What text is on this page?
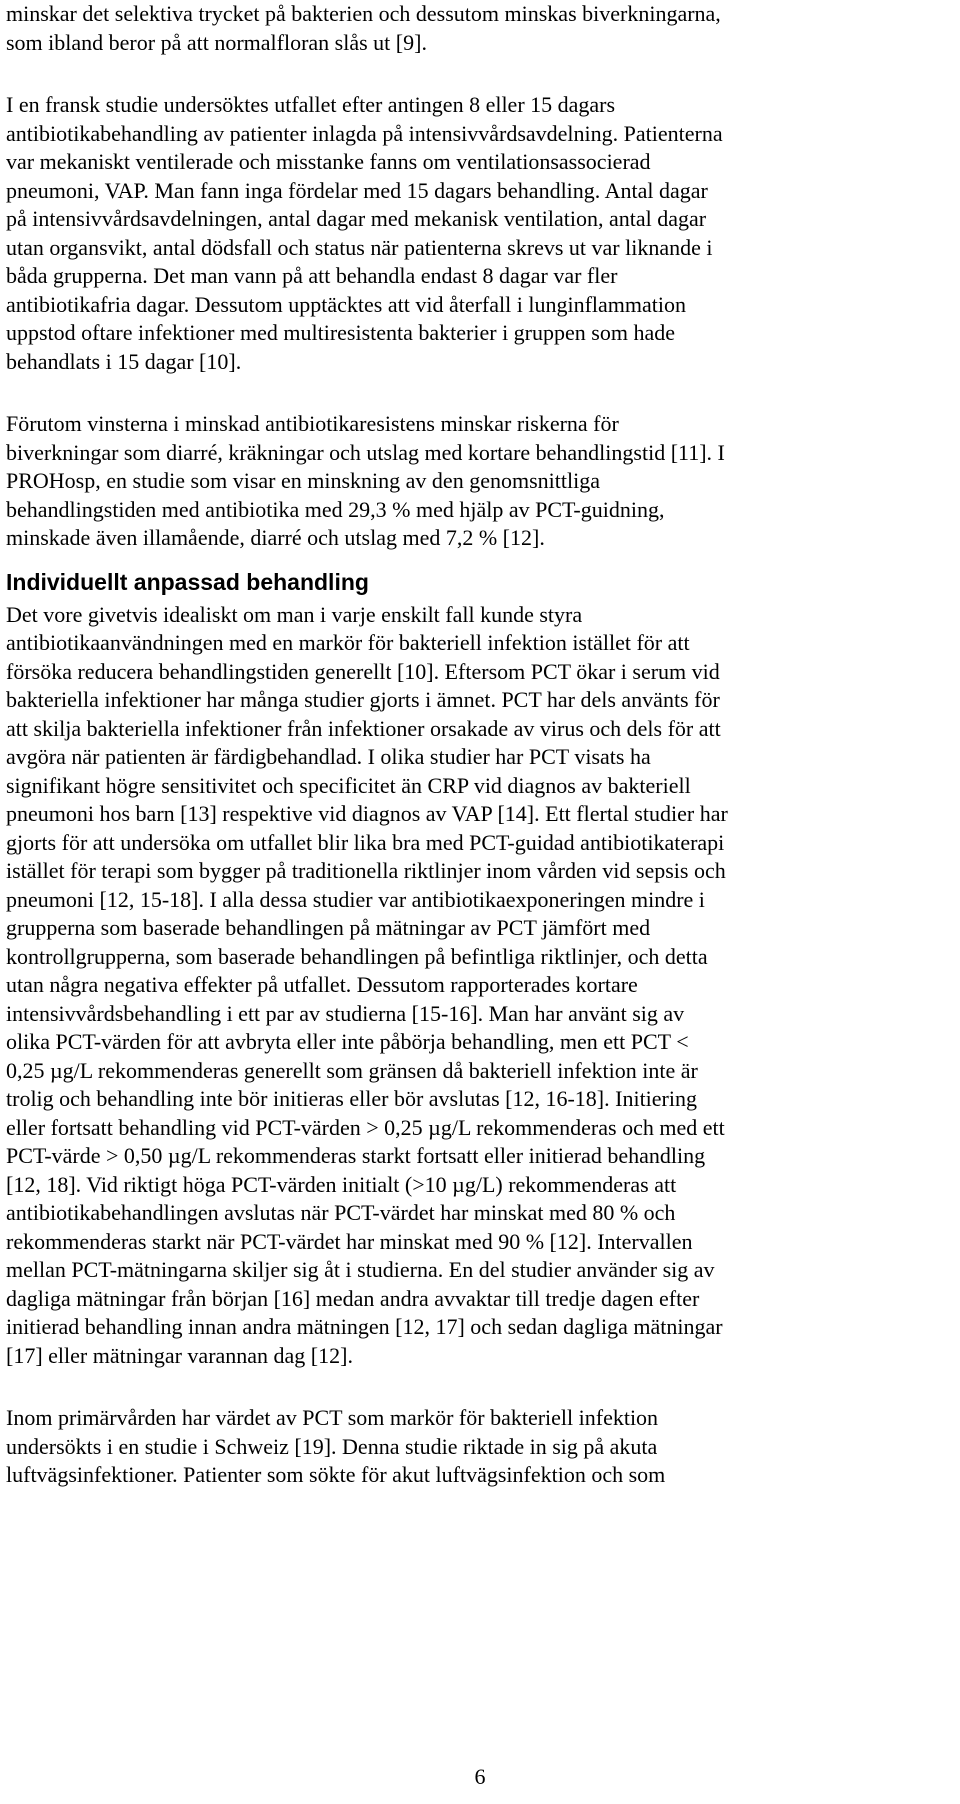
minskar det selektiva trycket på bakterien och dessutom minskas biverkningarna,
som ibland beror på att normalfloran slås ut [9].

I en fransk studie undersöktes utfallet efter antingen 8 eller 15 dagars
antibiotikabehandling av patienter inlagda på intensivvårdsavdelning. Patienterna
var mekaniskt ventilerade och misstanke fanns om ventilationsassocierad
pneumoni, VAP. Man fann inga fördelar med 15 dagars behandling. Antal dagar
på intensivvårdsavdelningen, antal dagar med mekanisk ventilation, antal dagar
utan organsvikt, antal dödsfall och status när patienterna skrevs ut var liknande i
båda grupperna. Det man vann på att behandla endast 8 dagar var fler
antibiotikafria dagar. Dessutom upptäcktes att vid återfall i lunginflammation
uppstod oftare infektioner med multiresistenta bakterier i gruppen som hade
behandlats i 15 dagar [10].

Förutom vinsterna i minskad antibiotikaresistens minskar riskerna för
biverkningar som diarré, kräkningar och utslag med kortare behandlingstid [11]. I
PROHosp, en studie som visar en minskning av den genomsnittliga
behandlingstiden med antibiotika med 29,3 % med hjälp av PCT-guidning,
minskade även illamående, diarré och utslag med 7,2 % [12].

Individuellt anpassad behandling

Det vore givetvis idealiskt om man i varje enskilt fall kunde styra
antibiotikaanvändningen med en markör för bakteriell infektion istället för att
försöka reducera behandlingstiden generellt [10]. Eftersom PCT ökar i serum vid
bakteriella infektioner har många studier gjorts i ämnet. PCT har dels använts för
att skilja bakteriella infektioner från infektioner orsakade av virus och dels för att
avgöra när patienten är färdigbehandlad. I olika studier har PCT visats ha
signifikant högre sensitivitet och specificitet än CRP vid diagnos av bakteriell
pneumoni hos barn [13] respektive vid diagnos av VAP [14]. Ett flertal studier har
gjorts för att undersöka om utfallet blir lika bra med PCT-guidad antibiotikaterapi
istället för terapi som bygger på traditionella riktlinjer inom vården vid sepsis och
pneumoni [12, 15-18]. I alla dessa studier var antibiotikaexponeringen mindre i
grupperna som baserade behandlingen på mätningar av PCT jämfört med
kontrollgrupperna, som baserade behandlingen på befintliga riktlinjer, och detta
utan några negativa effekter på utfallet. Dessutom rapporterades kortare
intensivvårdsbehandling i ett par av studierna [15-16]. Man har använt sig av
olika PCT-värden för att avbryta eller inte påbörja behandling, men ett PCT <
0,25 µg/L rekommenderas generellt som gränsen då bakteriell infektion inte är
trolig och behandling inte bör initieras eller bör avslutas [12, 16-18]. Initiering
eller fortsatt behandling vid PCT-värden > 0,25 µg/L rekommenderas och med ett
PCT-värde > 0,50 µg/L rekommenderas starkt fortsatt eller initierad behandling
[12, 18]. Vid riktigt höga PCT-värden initialt (>10 µg/L) rekommenderas att
antibiotikabehandlingen avslutas när PCT-värdet har minskat med 80 % och
rekommenderas starkt när PCT-värdet har minskat med 90 % [12]. Intervallen
mellan PCT-mätningarna skiljer sig åt i studierna. En del studier använder sig av
dagliga mätningar från början [16] medan andra avvaktar till tredje dagen efter
initierad behandling innan andra mätningen [12, 17] och sedan dagliga mätningar
[17] eller mätningar varannan dag [12].

Inom primärvården har värdet av PCT som markör för bakteriell infektion
undersökts i en studie i Schweiz [19]. Denna studie riktade in sig på akuta
luftvägsinfektioner. Patienter som sökte för akut luftvägsinfektion och som

6
